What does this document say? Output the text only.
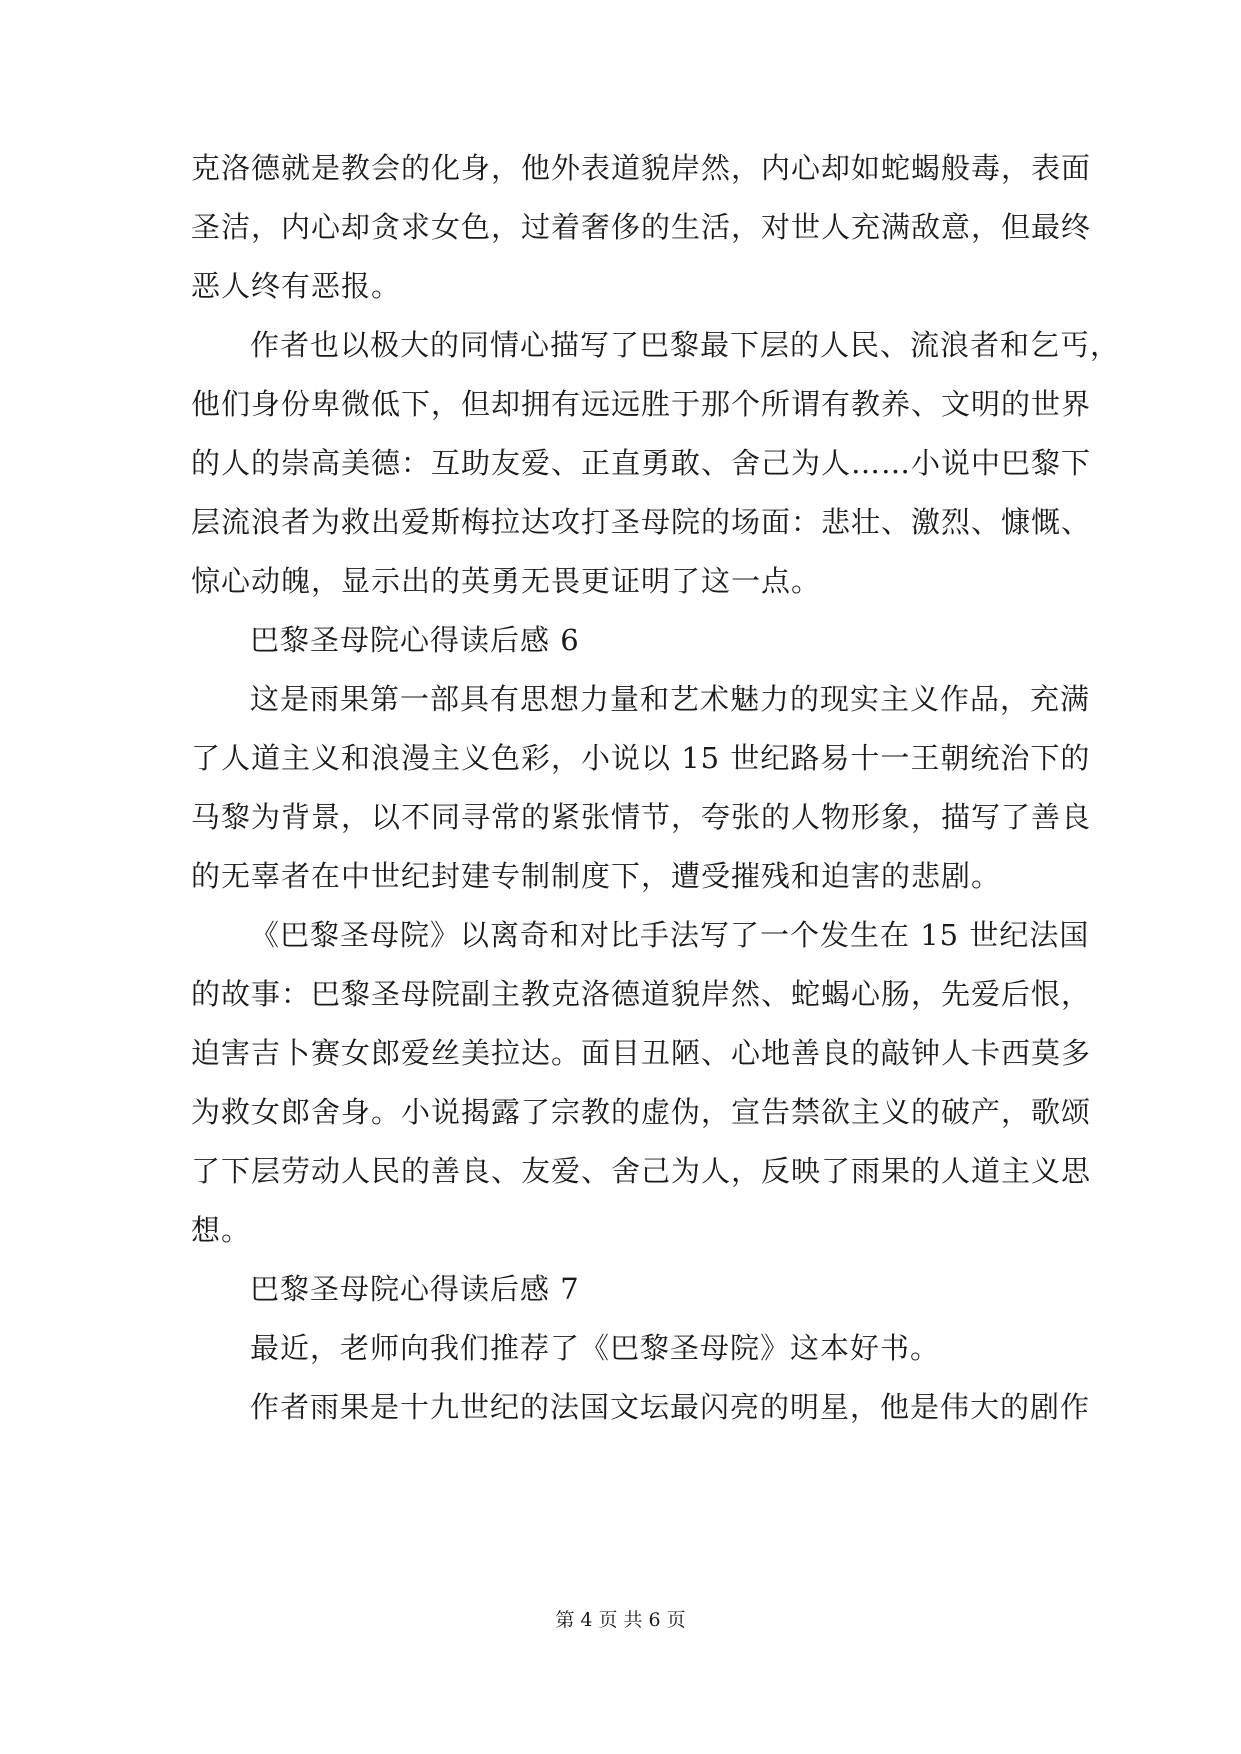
克洛德就是教会的化身，他外表道貌岸然，内心却如蛇蝎般毒，表面
圣洁，内心却贪求女色，过着奢侈的生活，对世人充满敌意，但最终
恶人终有恶报。
作者也以极大的同情心描写了巴黎最下层的人民、流浪者和乞丐，
他们身份卑微低下，但却拥有远远胜于那个所谓有教养、文明的世界
的人的崇高美德：互助友爱、正直勇敢、舍己为人……小说中巴黎下
层流浪者为救出爱斯梅拉达攻打圣母院的场面：悲壮、激烈、慷慨、
惊心动魄，显示出的英勇无畏更证明了这一点。
巴黎圣母院心得读后感 6
这是雨果第一部具有思想力量和艺术魅力的现实主义作品，充满
了人道主义和浪漫主义色彩，小说以 15 世纪路易十一王朝统治下的
马黎为背景，以不同寻常的紧张情节，夸张的人物形象，描写了善良
的无辜者在中世纪封建专制制度下，遭受摧残和迫害的悲剧。
《巴黎圣母院》以离奇和对比手法写了一个发生在 15 世纪法国
的故事：巴黎圣母院副主教克洛德道貌岸然、蛇蝎心肠，先爱后恨，
迫害吉卜赛女郎爱丝美拉达。面目丑陋、心地善良的敲钟人卡西莫多
为救女郎舍身。小说揭露了宗教的虚伪，宣告禁欲主义的破产，歌颂
了下层劳动人民的善良、友爱、舍己为人，反映了雨果的人道主义思
想。
巴黎圣母院心得读后感 7
最近，老师向我们推荐了《巴黎圣母院》这本好书。
作者雨果是十九世纪的法国文坛最闪亮的明星，他是伟大的剧作
第 4 页 共 6 页
